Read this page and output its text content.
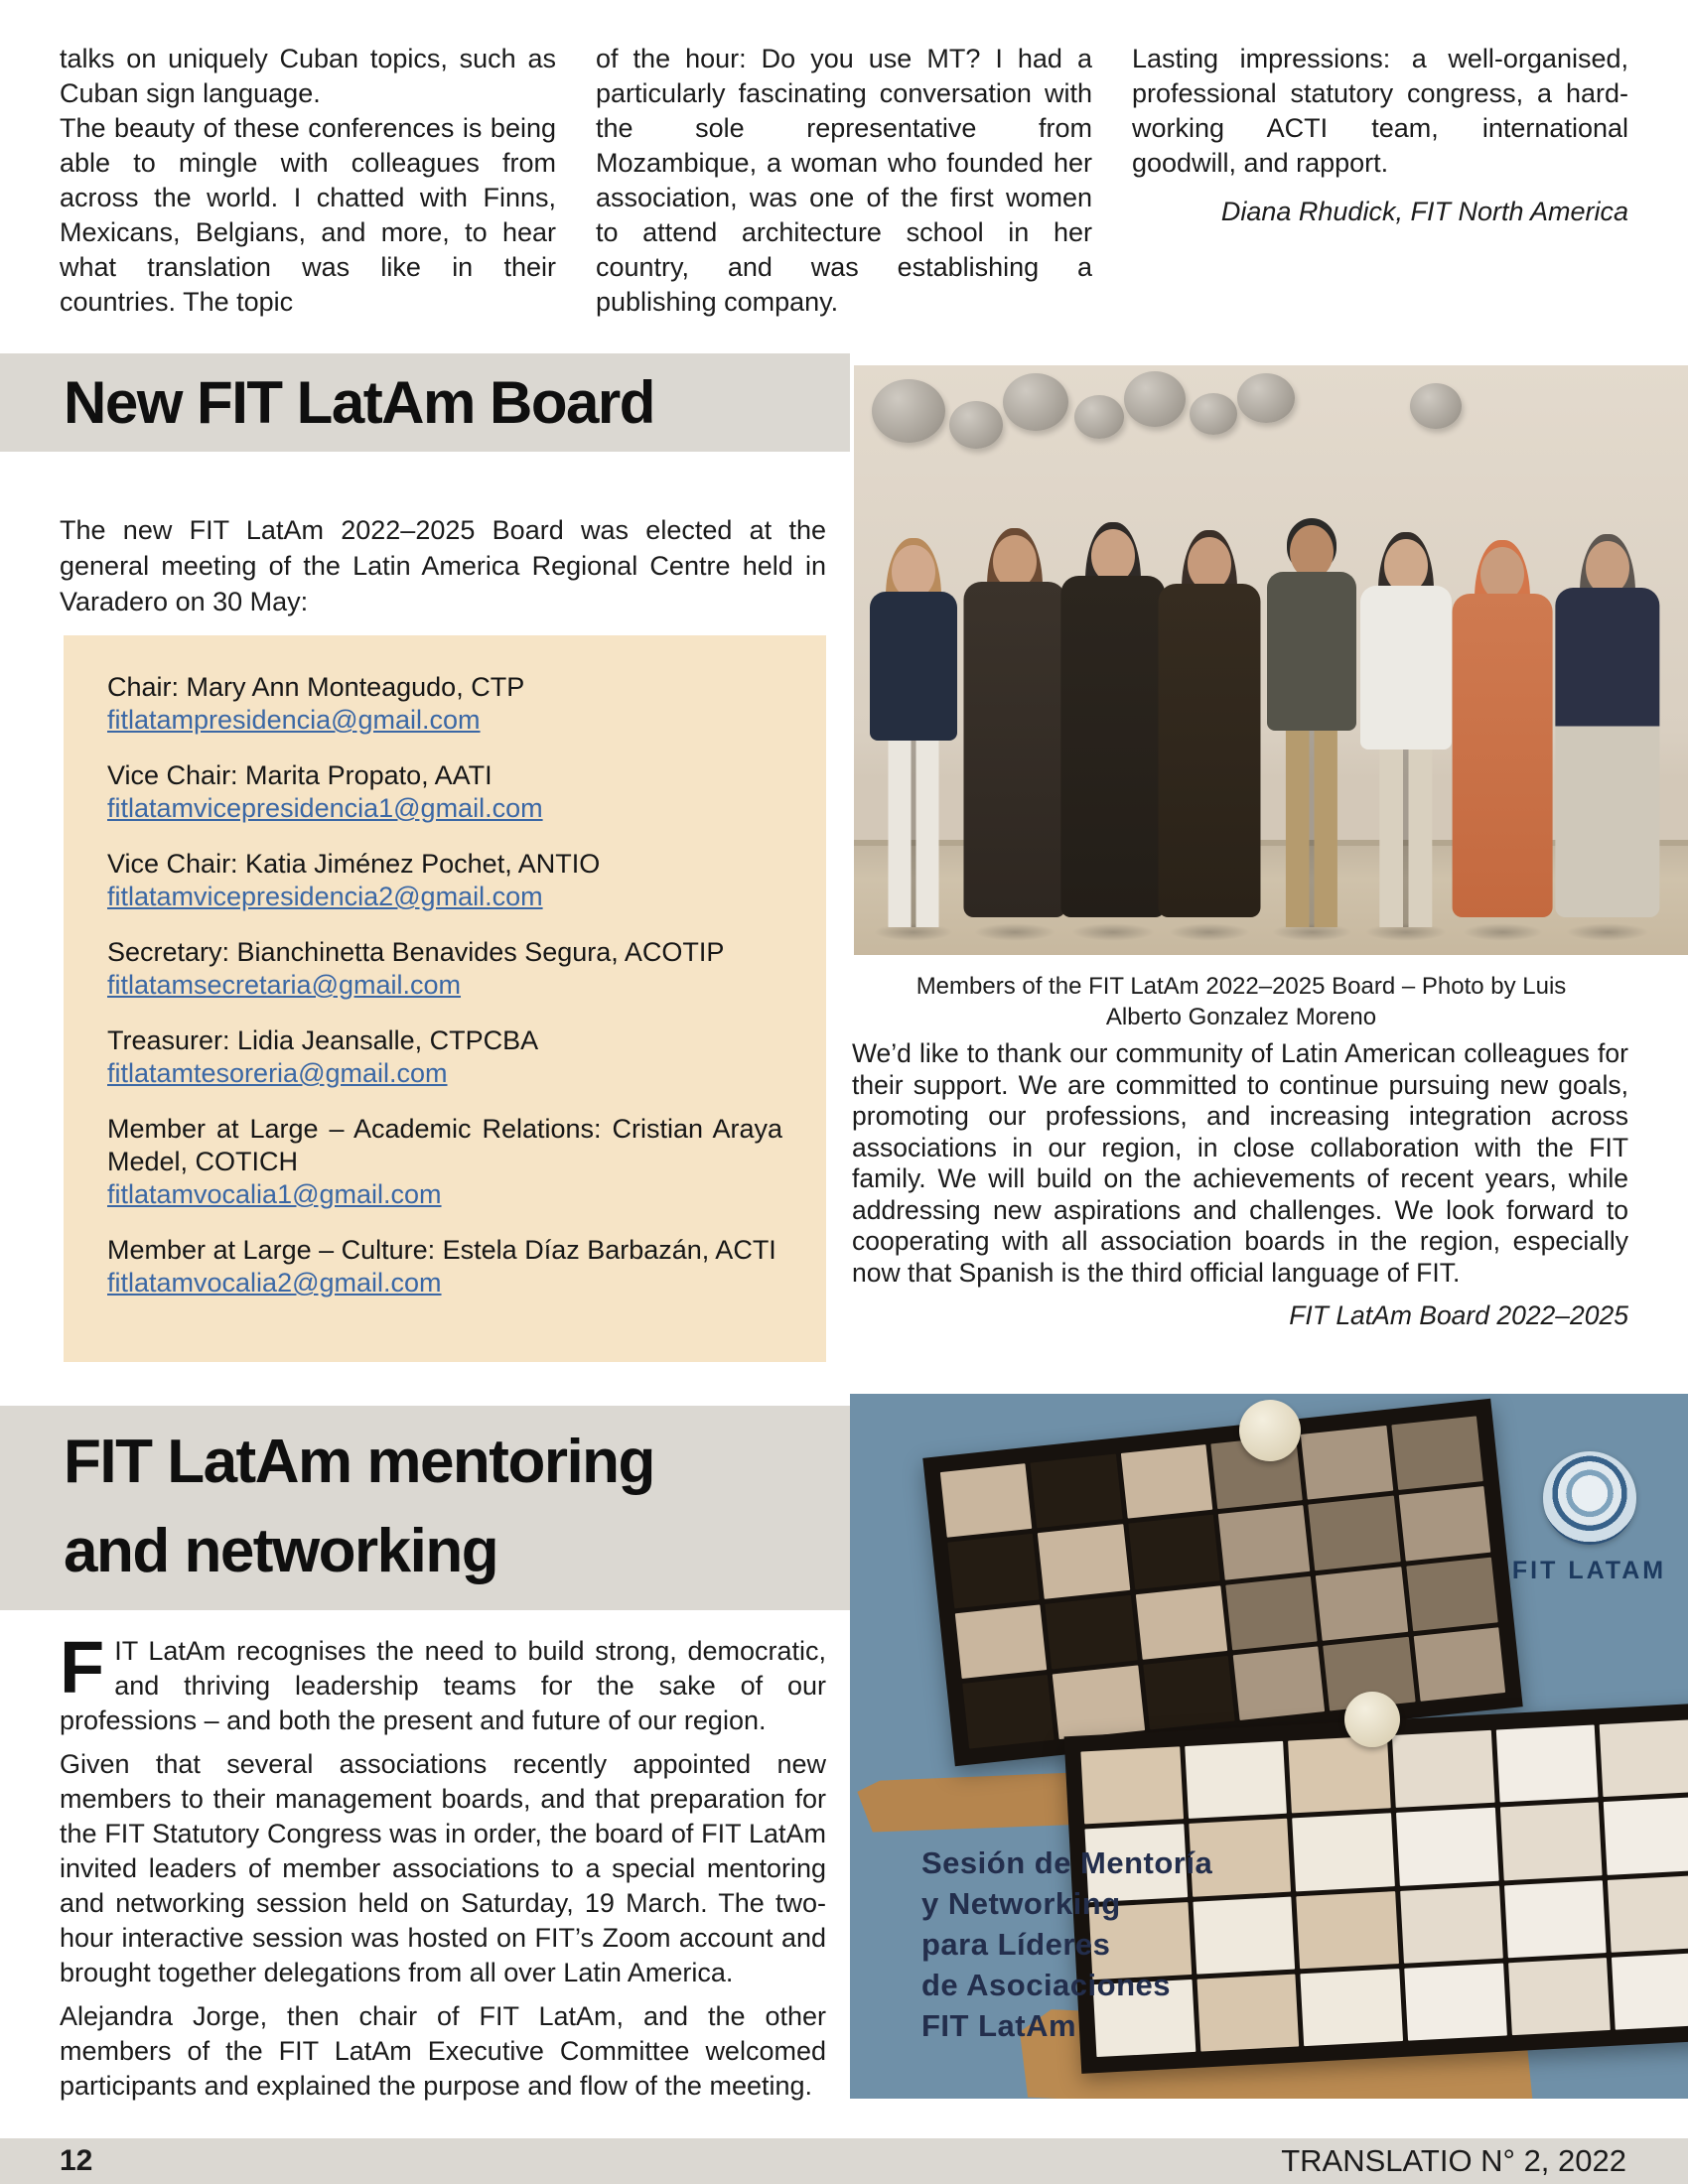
talks on uniquely Cuban topics, such as Cuban sign language.

The beauty of these conferences is being able to mingle with colleagues from across the world. I chatted with Finns, Mexicans, Belgians, and more, to hear what translation was like in their countries. The topic

of the hour: Do you use MT? I had a particularly fascinating conversation with the sole representative from Mozambique, a woman who founded her association, was one of the first women to attend architecture school in her country, and was establishing a publishing company.

Lasting impressions: a well-organised, professional statutory congress, a hard-working ACTI team, international goodwill, and rapport.

Diana Rhudick, FIT North America

New FIT LatAm Board
Members of the FIT LatAm 2022–2025 Board – Photo by Luis
Alberto Gonzalez Moreno

The new FIT LatAm 2022–2025 Board was elected at the general meeting of the Latin America Regional Centre held in Varadero on 30 May:

Chair: Mary Ann Monteagudo, CTP
fitlatampresidencia@gmail.com
Vice Chair: Marita Propato, AATI
fitlatamvicepresidencia1@gmail.com
Vice Chair: Katia Jiménez Pochet, ANTIO
fitlatamvicepresidencia2@gmail.com
Secretary: Bianchinetta Benavides Segura, ACOTIP
fitlatamsecretaria@gmail.com
Treasurer: Lidia Jeansalle, CTPCBA
fitlatamtesoreria@gmail.com
Member at Large – Academic Relations: Cristian Araya Medel, COTICH
fitlatamvocalia1@gmail.com
Member at Large – Culture: Estela Díaz Barbazán, ACTI
fitlatamvocalia2@gmail.com

We’d like to thank our community of Latin American colleagues for their support. We are committed to continue pursuing new goals, promoting our professions, and increasing integration across associations in our region, in close collaboration with the FIT family. We will build on the achievements of recent years, while addressing new aspirations and challenges. We look forward to cooperating with all association boards in the region, especially now that Spanish is the third official language of FIT.

FIT LatAm Board 2022–2025

FIT LatAm mentoring
and networking

FIT LatAm recognises the need to build strong, democratic, and thriving leadership teams for the sake of our professions – and both the present and future of our region.

Given that several associations recently appointed new members to their management boards, and that preparation for the FIT Statutory Congress was in order, the board of FIT LatAm invited leaders of member associations to a special mentoring and networking session held on Saturday, 19 March. The two-hour interactive session was hosted on FIT’s Zoom account and brought together delegations from all over Latin America.

Alejandra Jorge, then chair of FIT LatAm, and the other members of the FIT LatAm Executive Committee welcomed participants and explained the purpose and flow of the meeting.

FIT LATAM
Sesión de Mentoría
y Networking
para Líderes
de Asociaciones
FIT LatAm
12	TRANSLATIO N° 2, 2022
